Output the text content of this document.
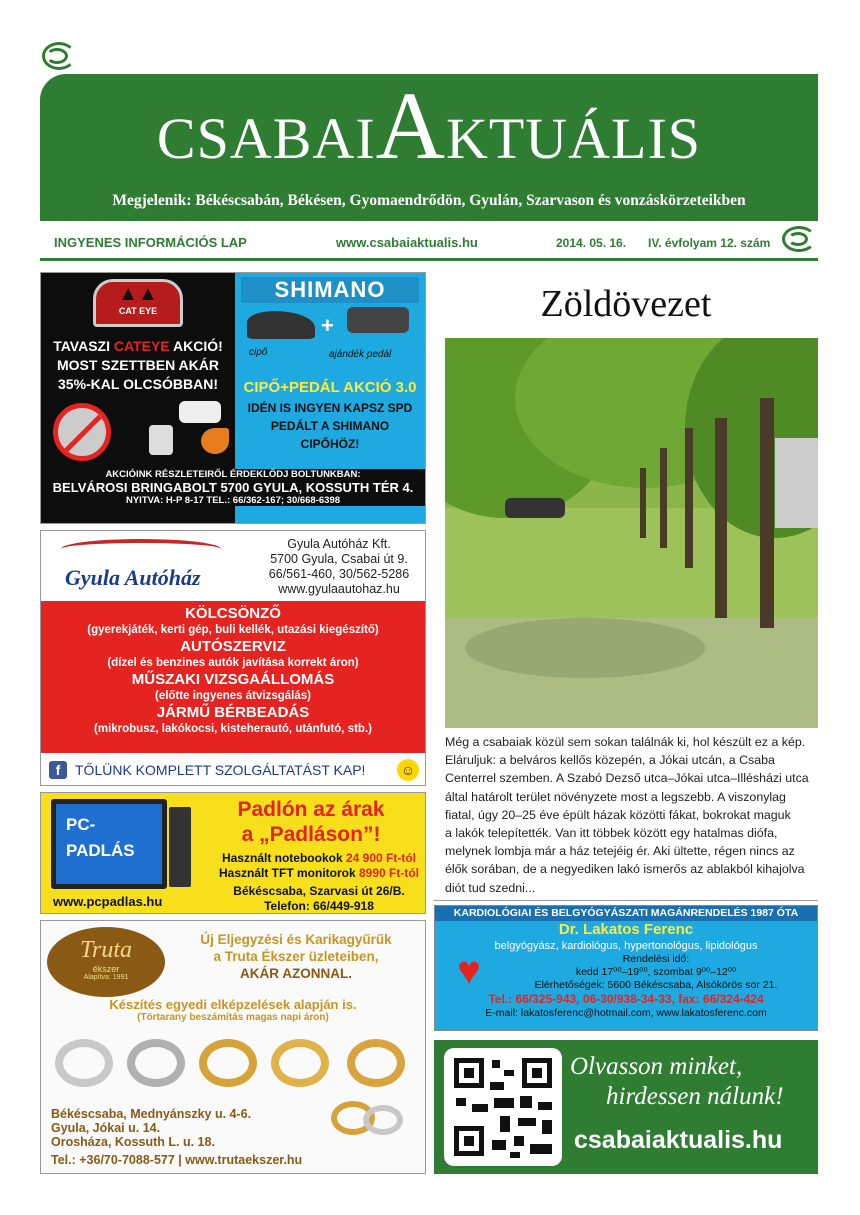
CSABAIAKTUÁLIS
Megjelenik: Békéscsabán, Békésen, Gyomaendrődön, Gyulán, Szarvason és vonzáskörzeteikben
INGYENES INFORMÁCIÓS LAP	www.csabaiaktualis.hu	2014. 05. 16. IV. évfolyam 12. szám
▲▲
CAT EYE
TAVASZI CATEYE AKCIÓ!
MOST SZETTBEN AKÁR
35%-KAL OLCSÓBBAN!
SHIMANO
+
cipő	ajándék pedál
CIPŐ+PEDÁL AKCIÓ 3.0
IDÉN IS INGYEN KAPSZ SPD
PEDÁLT A SHIMANO
CIPŐHÖZ!
AKCIÓINK RÉSZLETEIRŐL ÉRDEKLŐDJ BOLTUNKBAN:
BELVÁROSI BRINGABOLT 5700 GYULA, KOSSUTH TÉR 4.
NYITVA: H-P 8-17 TEL.: 66/362-167; 30/668-6398
Gyula Autóház
Gyula Autóház Kft.
5700 Gyula, Csabai út 9.
66/561-460, 30/562-5286
www.gyulaautohaz.hu
KÖLCSÖNZŐ
(gyerekjáték, kerti gép, buli kellék, utazási kiegészítő)
AUTÓSZERVIZ
(dízel és benzines autók javítása korrekt áron)
MŰSZAKI VIZSGAÁLLOMÁS
(előtte ingyenes átvizsgálás)
JÁRMŰ BÉRBEADÁS
(mikrobusz, lakókocsi, kisteherautó, utánfutó, stb.)
f	TŐLÜNK KOMPLETT SZOLGÁLTATÁST KAP!	☺
PC-
PADLÁS
www.pcpadlas.hu
Padlón az árak
a „Padláson”!
Használt notebookok 24 900 Ft-tól
Használt TFT monitorok 8990 Ft-tól
Békéscsaba, Szarvasi út 26/B.
Telefon: 66/449-918
Truta
ékszer
Alapítva: 1991
Új Eljegyzési és Karikagyűrűk
a Truta Ékszer üzleteiben,
AKÁR AZONNAL.
Készítés egyedi elképzelések alapján is.
(Törtarany beszámítás magas napi áron)
Békéscsaba, Mednyánszky u. 4-6.
Gyula, Jókai u. 14.
Orosháza, Kossuth L. u. 18.
Tel.: +36/70-7088-577 | www.trutaekszer.hu
Zöldövezet

Még a csabaiak közül sem sokan találnák ki, hol készült ez a kép.

Eláruljuk: a belváros kellős közepén, a Jókai utcán, a Csaba

Centerrel szemben. A Szabó Dezső utca–Jókai utca–Illésházi utca

által határolt terület növényzete most a legszebb. A viszonylag

fiatal, úgy 20–25 éve épült házak közötti fákat, bokrokat maguk

a lakók telepítették. Van itt többek között egy hatalmas diófa,

melynek lombja már a ház tetejéig ér. Aki ültette, régen nincs az

élők sorában, de a negyediken lakó ismerős az ablakból kihajolva

diót tud szedni...

KARDIOLÓGIAI ÉS BELGYÓGYÁSZATI MAGÁNRENDELÉS 1987 ÓTA
Dr. Lakatos Ferenc
belgyógyász, kardiológus, hypertonológus, lipidológus
Rendelési idő:
kedd 17⁰⁰–19⁰⁰, szombat 9⁰⁰–12⁰⁰
Elérhetőségek: 5600 Békéscsaba, Alsókörös sor 21.
Tel.: 66/325-943, 06-30/938-34-33, fax: 66/324-424
E-mail: lakatosferenc@hotmail.com, www.lakatosferenc.com
♥
Olvasson minket,
hirdessen nálunk!
csabaiaktualis.hu
